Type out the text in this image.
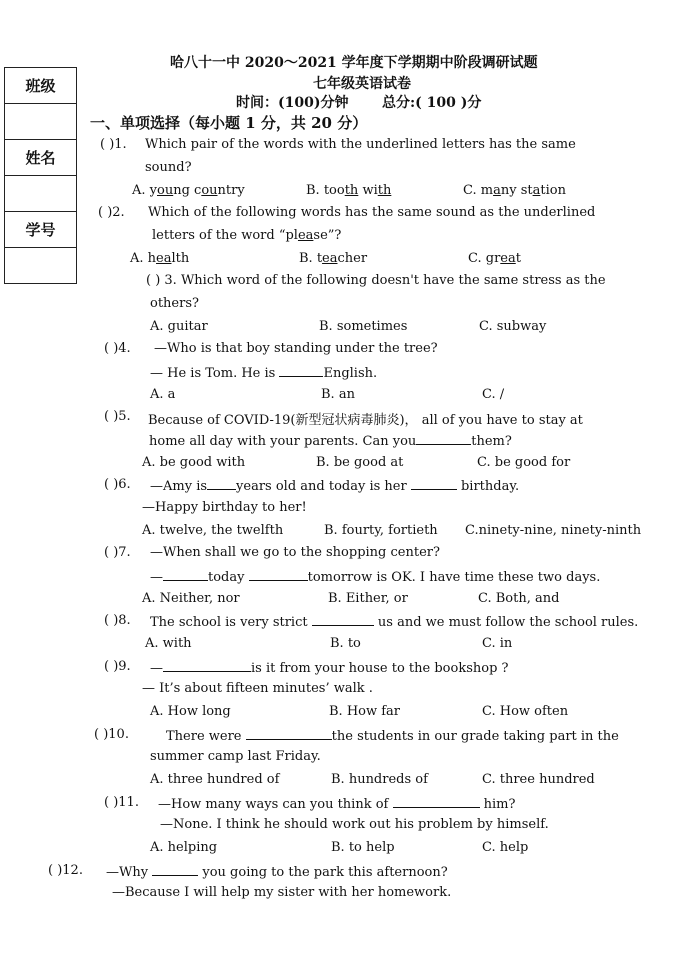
班级

姓名

学号

哈八十一中 2020～2021 学年度下学期期中阶段调研试题
七年级英语试卷
时间：(100)分钟 总分:( 100 )分
一、单项选择（每小题 1 分，共 20 分）
( )1. Which pair of the words with the underlined letters has the same
sound?
A. young country	B. tooth with	C. many station
( )2. Which of the following words has the same sound as the underlined
letters of the word “please”?
A. health	B. teacher	C. great
( ) 3. Which word of the following doesn't have the same stress as the
others?
A. guitar	B. sometimes	C. subway
( )4. —Who is that boy standing under the tree?
— He is Tom. He is	English.
A. a	B. an	C. /
( )5. Because of COVID-19(新型冠状病毒肺炎)， all of you have to stay at
home all day with your parents. Can you	them?
A. be good with	B. be good at	C. be good for
( )6. —Amy is years old and today is her	birthday.
—Happy birthday to her!
A. twelve, the twelfth	B. fourty, fortieth C.ninety-nine, ninety-ninth
( )7. —When shall we go to the shopping center?
—	today	tomorrow is OK. I have time these two days.
A. Neither, nor	B. Either, or	C. Both, and
( )8. The school is very strict	us and we must follow the school rules.
A. with	B. to	C. in
( )9. —	is it from your house to the bookshop ?
— It’s about fifteen minutes’ walk .
A. How long	B. How far	C. How often
( )10.	There were	the students in our grade taking part in the
summer camp last Friday.
A. three hundred of	B. hundreds of	C. three hundred
( )11. —How many ways can you think of	him?
—None. I think he should work out his problem by himself.
A. helping	B. to help	C. help
( )12. —Why	you going to the park this afternoon?
—Because I will help my sister with her homework.
